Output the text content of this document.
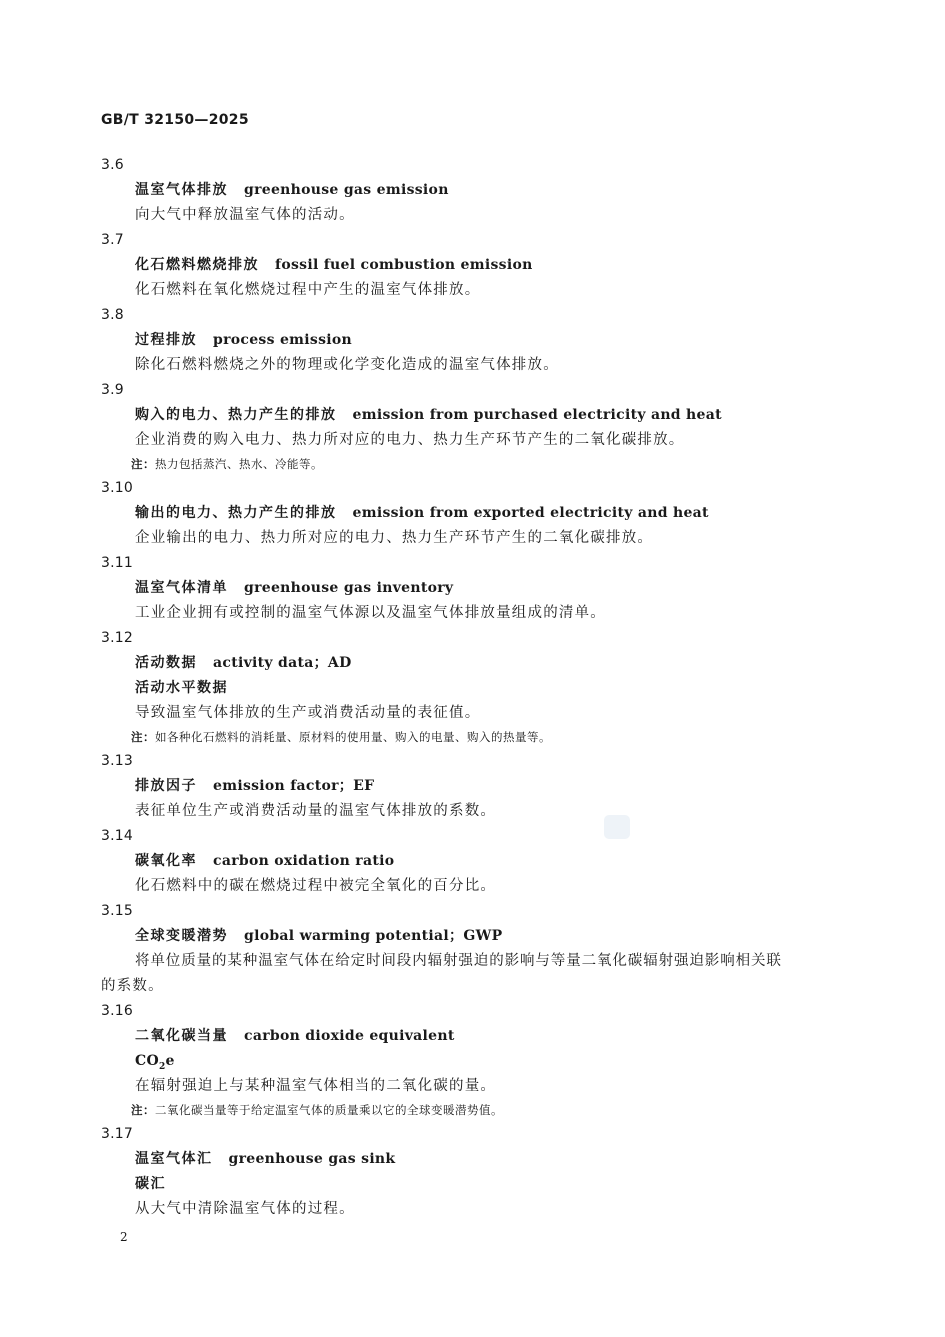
GB/T 32150—2025
3.6
温室气体排放 greenhouse gas emission
向大气中释放温室气体的活动。
3.7
化石燃料燃烧排放 fossil fuel combustion emission
化石燃料在氧化燃烧过程中产生的温室气体排放。
3.8
过程排放 process emission
除化石燃料燃烧之外的物理或化学变化造成的温室气体排放。
3.9
购入的电力、热力产生的排放 emission from purchased electricity and heat
企业消费的购入电力、热力所对应的电力、热力生产环节产生的二氧化碳排放。
注：热力包括蒸汽、热水、冷能等。
3.10
输出的电力、热力产生的排放 emission from exported electricity and heat
企业输出的电力、热力所对应的电力、热力生产环节产生的二氧化碳排放。
3.11
温室气体清单 greenhouse gas inventory
工业企业拥有或控制的温室气体源以及温室气体排放量组成的清单。
3.12
活动数据 activity data；AD
活动水平数据
导致温室气体排放的生产或消费活动量的表征值。
注：如各种化石燃料的消耗量、原材料的使用量、购入的电量、购入的热量等。
3.13
排放因子 emission factor；EF
表征单位生产或消费活动量的温室气体排放的系数。
3.14
碳氧化率 carbon oxidation ratio
化石燃料中的碳在燃烧过程中被完全氧化的百分比。
3.15
全球变暖潜势 global warming potential；GWP
将单位质量的某种温室气体在给定时间段内辐射强迫的影响与等量二氧化碳辐射强迫影响相关联
的系数。
3.16
二氧化碳当量 carbon dioxide equivalent
$CO_2e$
在辐射强迫上与某种温室气体相当的二氧化碳的量。
注：二氧化碳当量等于给定温室气体的质量乘以它的全球变暖潜势值。
3.17
温室气体汇 greenhouse gas sink
碳汇
从大气中清除温室气体的过程。
2
